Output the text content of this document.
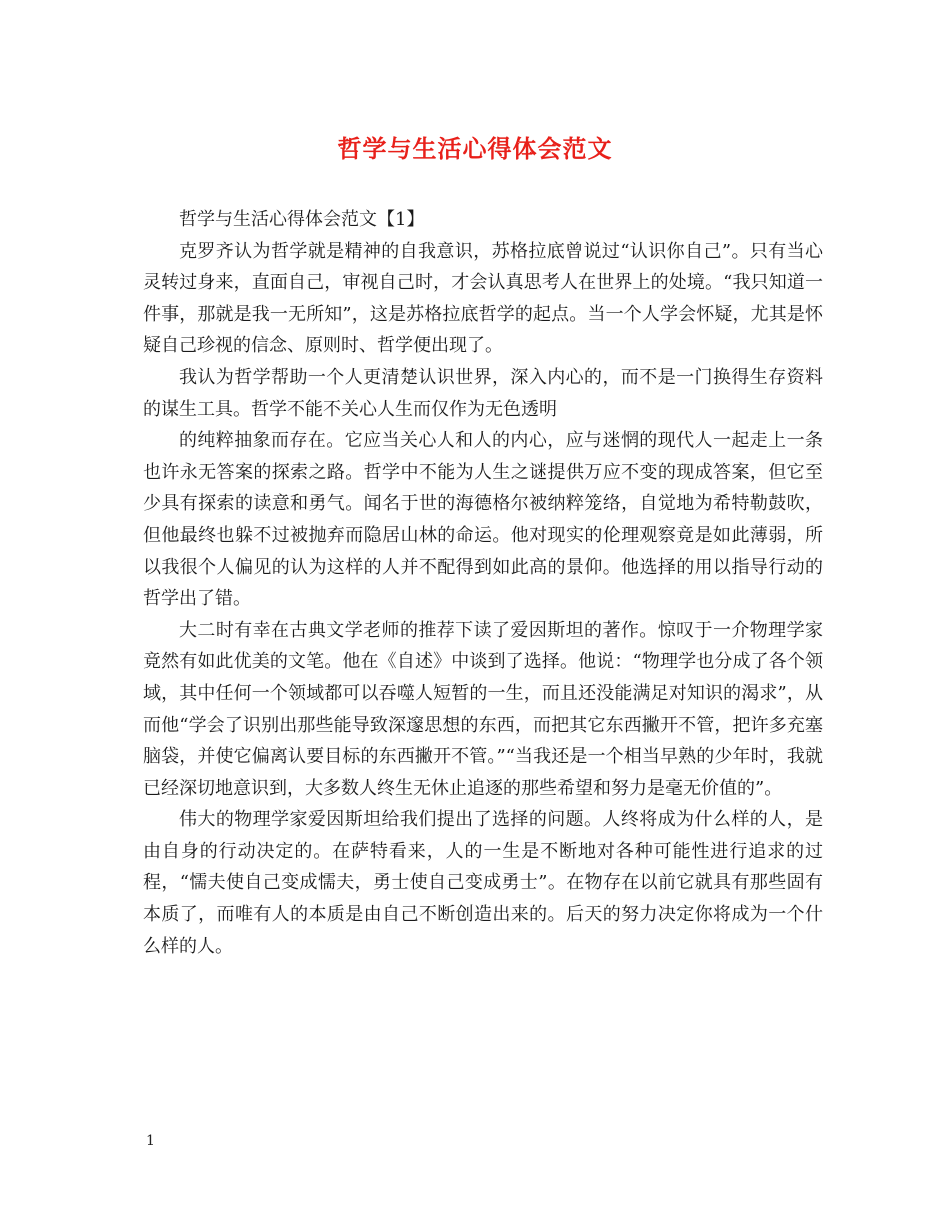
哲学与生活心得体会范文

哲学与生活心得体会范文【1】

克罗齐认为哲学就是精神的自我意识，苏格拉底曾说过“认识你自己”。只有当心灵转过身来，直面自己，审视自己时，才会认真思考人在世界上的处境。“我只知道一件事，那就是我一无所知”，这是苏格拉底哲学的起点。当一个人学会怀疑，尤其是怀疑自己珍视的信念、原则时、哲学便出现了。

我认为哲学帮助一个人更清楚认识世界，深入内心的，而不是一门换得生存资料的谋生工具。哲学不能不关心人生而仅作为无色透明

的纯粹抽象而存在。它应当关心人和人的内心，应与迷惘的现代人一起走上一条也许永无答案的探索之路。哲学中不能为人生之谜提供万应不变的现成答案，但它至少具有探索的读意和勇气。闻名于世的海德格尔被纳粹笼络，自觉地为希特勒鼓吹，但他最终也躲不过被抛弃而隐居山林的命运。他对现实的伦理观察竟是如此薄弱，所以我很个人偏见的认为这样的人并不配得到如此高的景仰。他选择的用以指导行动的哲学出了错。

大二时有幸在古典文学老师的推荐下读了爱因斯坦的著作。惊叹于一介物理学家竟然有如此优美的文笔。他在《自述》中谈到了选择。他说：“物理学也分成了各个领域，其中任何一个领域都可以吞噬人短暂的一生，而且还没能满足对知识的渴求”，从而他“学会了识别出那些能导致深邃思想的东西，而把其它东西撇开不管，把许多充塞脑袋，并使它偏离认要目标的东西撇开不管。”“当我还是一个相当早熟的少年时，我就已经深切地意识到，大多数人终生无休止追逐的那些希望和努力是毫无价值的”。

伟大的物理学家爱因斯坦给我们提出了选择的问题。人终将成为什么样的人，是由自身的行动决定的。在萨特看来，人的一生是不断地对各种可能性进行追求的过程，“懦夫使自己变成懦夫，勇士使自己变成勇士”。在物存在以前它就具有那些固有本质了，而唯有人的本质是由自己不断创造出来的。后天的努力决定你将成为一个什么样的人。

1
